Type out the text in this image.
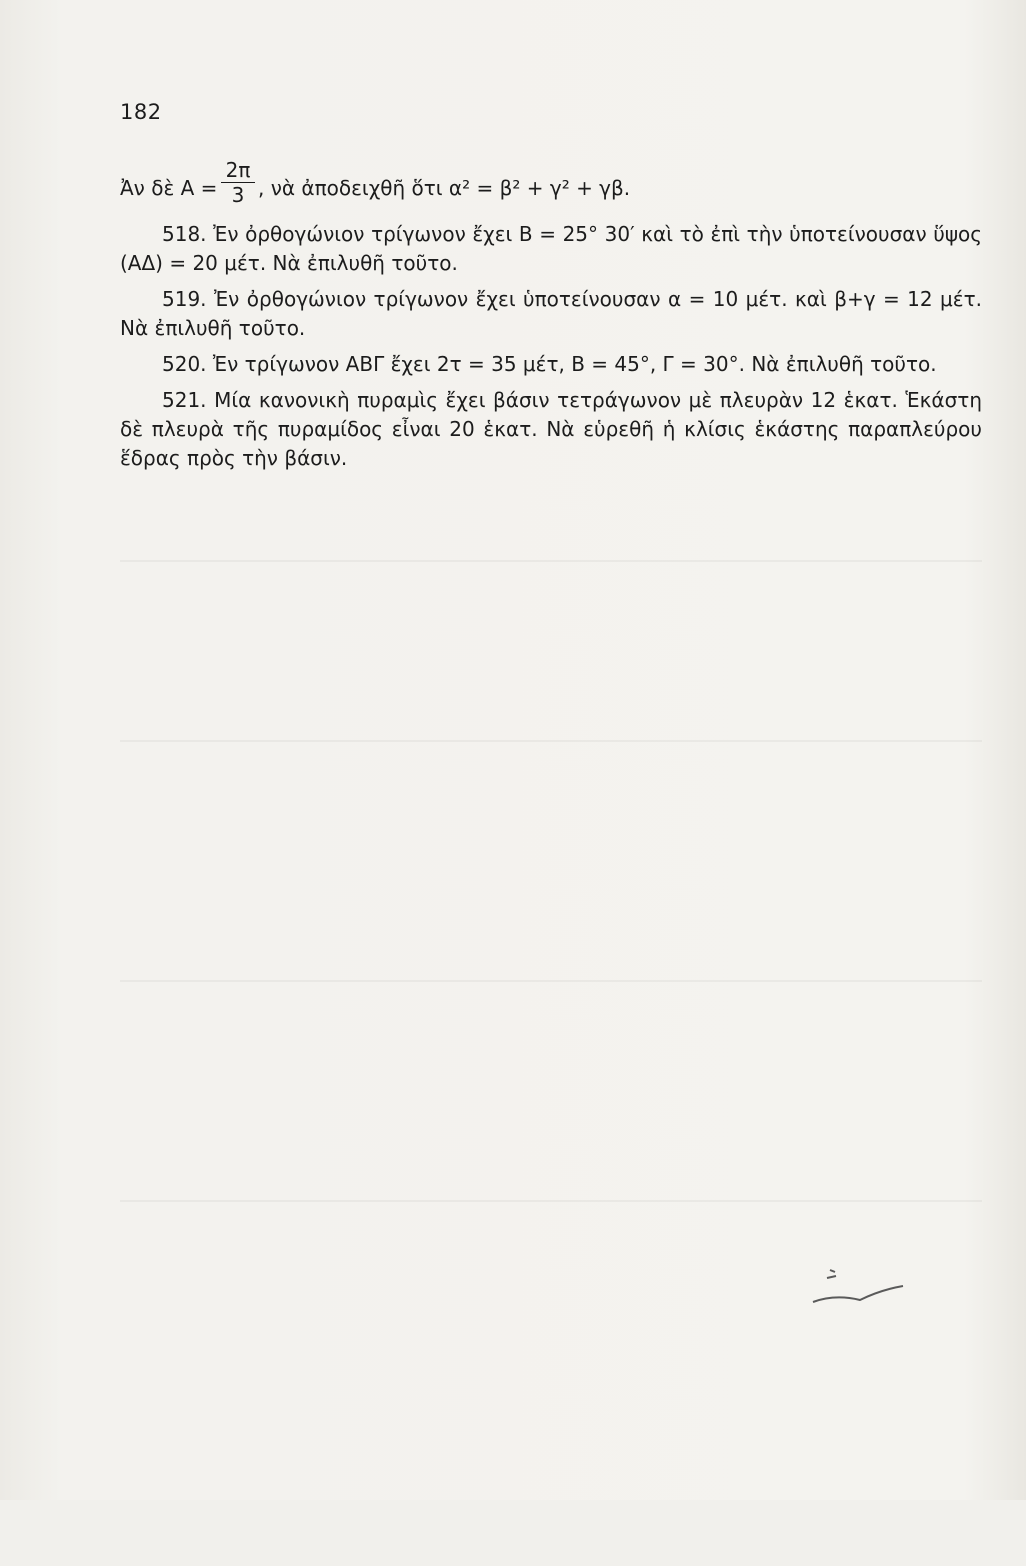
182
Ἀν δὲ $A = \frac{2\pi}{3}$ , νὰ ἀποδειχθῆ ὅτι α² = β² + γ² + γβ.

518. Ἐν ὀρθογώνιον τρίγωνον ἔχει Β = 25° 30′ καὶ τὸ ἐπὶ τὴν ὑποτείνουσαν ὕψος (ΑΔ) = 20 μέτ. Νὰ ἐπιλυθῆ τοῦτο.

519. Ἐν ὀρθογώνιον τρίγωνον ἔχει ὑποτείνουσαν α = 10 μέτ. καὶ β+γ = 12 μέτ. Νὰ ἐπιλυθῆ τοῦτο.

520. Ἐν τρίγωνον ΑΒΓ ἔχει 2τ = 35 μέτ, Β = 45°, Γ = 30°. Νὰ ἐπιλυθῆ τοῦτο.

521. Μία κανονικὴ πυραμὶς ἔχει βάσιν τετράγωνον μὲ πλευρὰν 12 ἑκατ. Ἑκάστη δὲ πλευρὰ τῆς πυραμίδος εἶναι 20 ἑκατ. Νὰ εὑρεθῆ ἡ κλίσις ἑκάστης παραπλεύρου ἕδρας πρὸς τὴν βάσιν.
